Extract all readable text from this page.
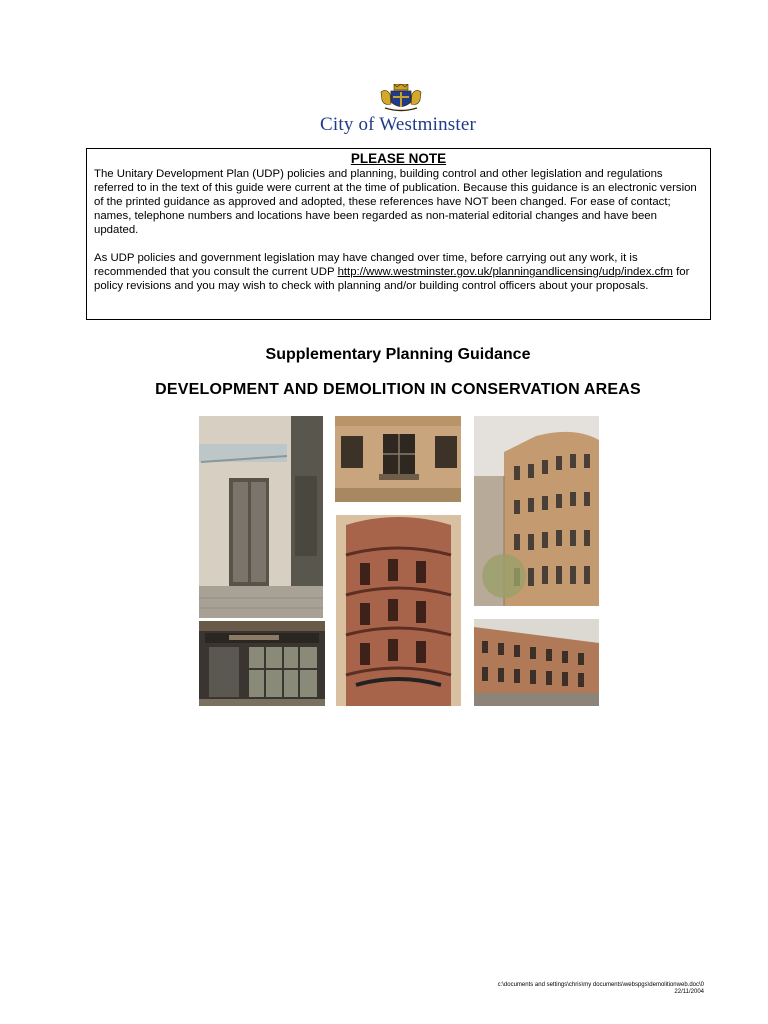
City of Westminster
PLEASE NOTE

The Unitary Development Plan (UDP) policies and planning, building control and other legislation and regulations referred to in the text of this guide were current at the time of publication. Because this guidance is an electronic version of the printed guidance as approved and adopted, these references have NOT been changed. For ease of contact; names, telephone numbers and locations have been regarded as non-material editorial changes and have been updated.

As UDP policies and government legislation may have changed over time, before carrying out any work, it is recommended that you consult the current UDP http://www.westminster.gov.uk/planningandlicensing/udp/index.cfm for policy revisions and you may wish to check with planning and/or building control officers about your proposals.

Supplementary Planning Guidance
DEVELOPMENT AND DEMOLITION IN CONSERVATION AREAS
c:\documents and settings\chris\my documents\webspgs\demolitionweb.doc\0
22/11/2004
